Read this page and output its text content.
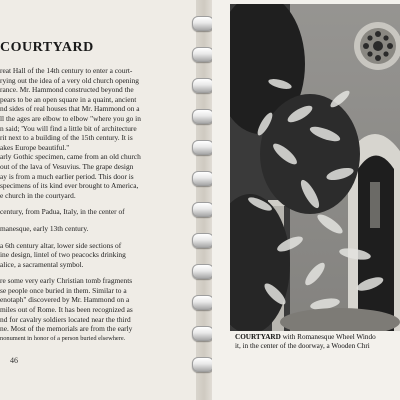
COURTYARD
reat Hall of the 14th century to enter a court-
rying out the idea of a very old church opening
rance. Mr. Hammond constructed beyond the
pears to be an open square in a quaint, ancient
nd sides of real houses that Mr. Hammond on a
ll the ages are elbow to elbow "where you go in
n said; 'You will find a little bit of architecture
rit next to a building of the 15th century. It is
akes Europe beautiful."
arly Gothic specimen, came from an old church
out of the lava of Vesuvius. The grape design
ay is from a much earlier period. This door is
specimens of its kind ever brought to America,
e church in the courtyard.
century, from Padua, Italy, in the center of
manesque, early 13th century.
a 6th century altar, lower side sections of
ine design, lintel of two peacocks drinking
alice, a sacramental symbol.
re some very early Christian tomb fragments
se people once buried in them. Similar to a
enotaph" discovered by Mr. Hammond on a
miles out of Rome. It has been recognized as
nd for cavalry soldiers located near the third
ne. Most of the memorials are from the early
nonument in honor of a person buried elsewhere.
46
COURTYARD with Romanesque Wheel Windo
it, in the center of the doorway, a Wooden Chri
